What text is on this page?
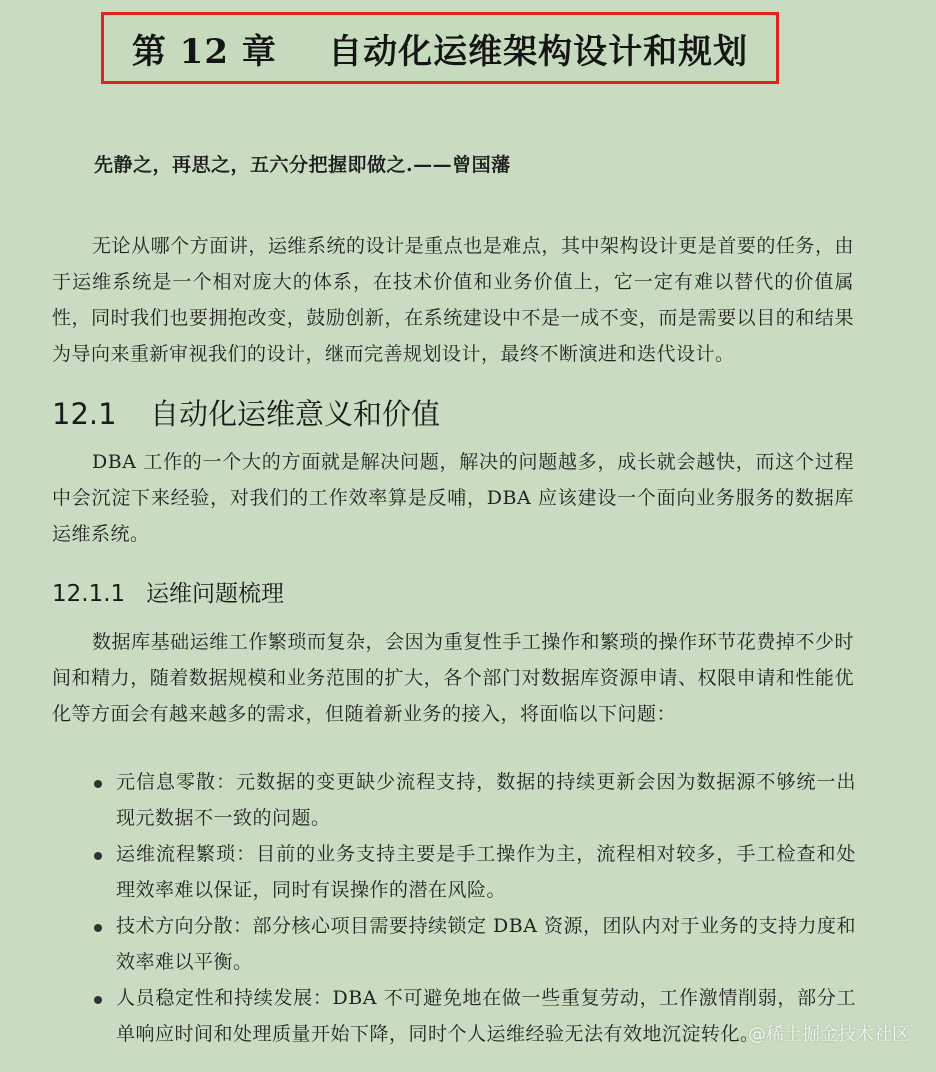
第 12 章    自动化运维架构设计和规划
先静之，再思之，五六分把握即做之.——曾国藩

无论从哪个方面讲，运维系统的设计是重点也是难点，其中架构设计更是首要的任务，由于运维系统是一个相对庞大的体系，在技术价值和业务价值上，它一定有难以替代的价值属性，同时我们也要拥抱改变，鼓励创新，在系统建设中不是一成不变，而是需要以目的和结果为导向来重新审视我们的设计，继而完善规划设计，最终不断演进和迭代设计。

12.1 自动化运维意义和价值

DBA 工作的一个大的方面就是解决问题，解决的问题越多，成长就会越快，而这个过程中会沉淀下来经验，对我们的工作效率算是反哺，DBA 应该建设一个面向业务服务的数据库运维系统。

12.1.1 运维问题梳理

数据库基础运维工作繁琐而复杂，会因为重复性手工操作和繁琐的操作环节花费掉不少时间和精力，随着数据规模和业务范围的扩大，各个部门对数据库资源申请、权限申请和性能优化等方面会有越来越多的需求，但随着新业务的接入，将面临以下问题：

元信息零散：元数据的变更缺少流程支持，数据的持续更新会因为数据源不够统一出现元数据不一致的问题。
运维流程繁琐：目前的业务支持主要是手工操作为主，流程相对较多，手工检查和处理效率难以保证，同时有误操作的潜在风险。
技术方向分散：部分核心项目需要持续锁定 DBA 资源，团队内对于业务的支持力度和效率难以平衡。
人员稳定性和持续发展：DBA 不可避免地在做一些重复劳动，工作激情削弱，部分工单响应时间和处理质量开始下降，同时个人运维经验无法有效地沉淀转化。
@稀土掘金技术社区
